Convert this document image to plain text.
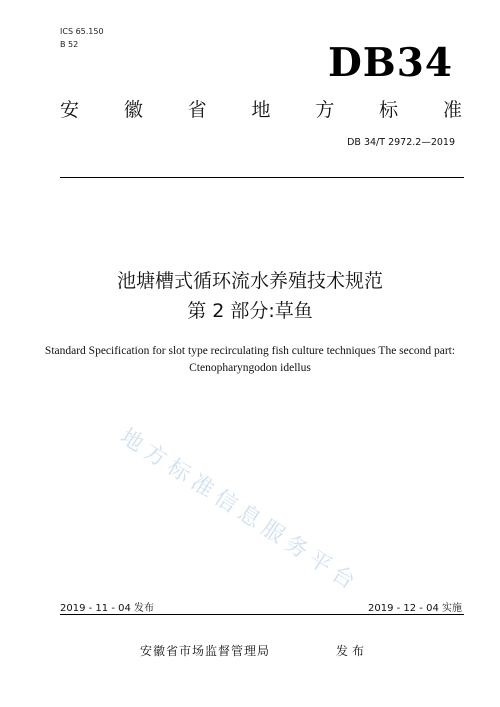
ICS 65.150
B 52	DB34
安 徽 省 地 方 标 准
DB 34/T 2972.2—2019
池塘槽式循环流水养殖技术规范
第 2 部分:草鱼
Standard Specification for slot type recirculating fish culture techniques The second part: Ctenopharyngodon idellus
地方标准信息服务平台
2019 - 11 - 04 发布	2019 - 12 - 04 实施
安徽省市场监督管理局	发布
